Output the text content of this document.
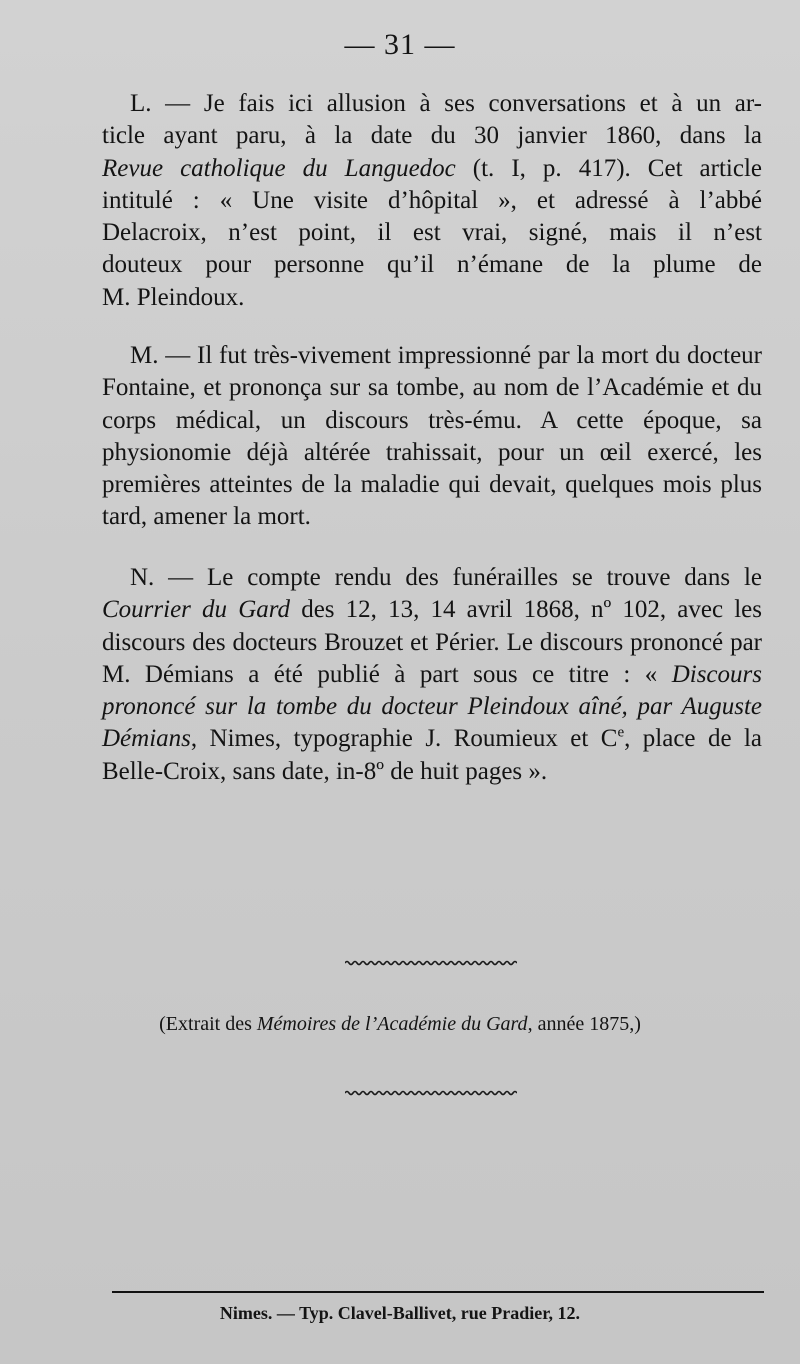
— 31 —

L. — Je fais ici allusion à ses conversations et à un ar-
ticle ayant paru, à la date du 30 janvier 1860, dans la
Revue catholique du Languedoc (t. I, p. 417). Cet article
intitulé : « Une visite d’hôpital », et adressé à l’abbé
Delacroix, n’est point, il est vrai, signé, mais il n’est
douteux pour personne qu’il n’émane de la plume de
M. Pleindoux.

M. — Il fut très-vivement impressionné par la mort du docteur Fontaine, et prononça sur sa tombe, au nom de l’Académie et du corps médical, un discours très-ému. A cette époque, sa physionomie déjà altérée trahissait, pour un œil exercé, les premières atteintes de la maladie qui devait, quelques mois plus tard, amener la mort.

N. — Le compte rendu des funérailles se trouve dans le Courrier du Gard des 12, 13, 14 avril 1868, nº 102, avec les discours des docteurs Brouzet et Périer. Le discours prononcé par M. Démians a été publié à part sous ce titre : « Discours prononcé sur la tombe du docteur Pleindoux aîné, par Auguste Démians, Nimes, typographie J. Roumieux et Ce, place de la Belle-Croix, sans date, in-8º de huit pages ».

(Extrait des Mémoires de l’Académie du Gard, année 1875,)
Nimes. — Typ. Clavel-Ballivet, rue Pradier, 12.
